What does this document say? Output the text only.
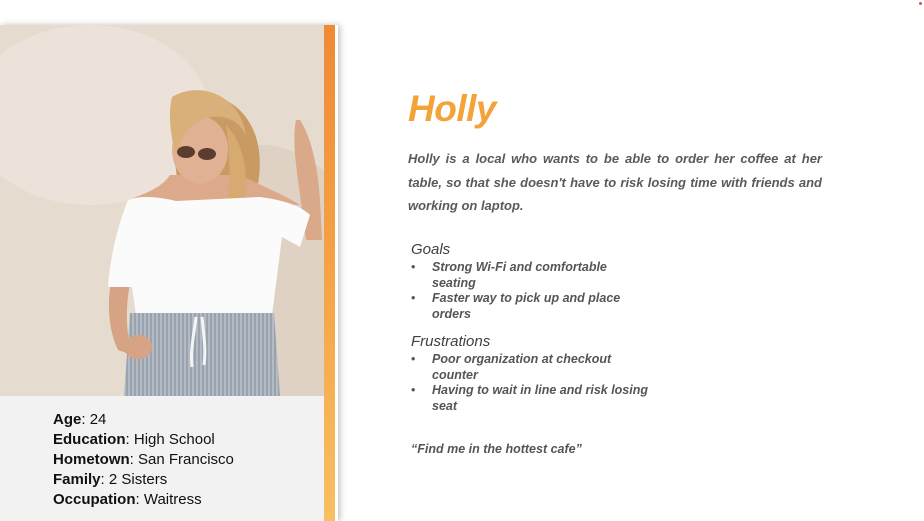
Age: 24
Education: High School
Hometown: San Francisco
Family: 2 Sisters
Occupation: Waitress
Holly

Holly is a local who wants to be able to order her coffee at her table, so that she doesn't have to risk losing time with friends and working on laptop.

Goals
• Strong Wi-Fi and comfortable seating
• Faster way to pick up and place orders
Frustrations
• Poor organization at checkout counter
• Having to wait in line and risk losing seat
“Find me in the hottest cafe”
